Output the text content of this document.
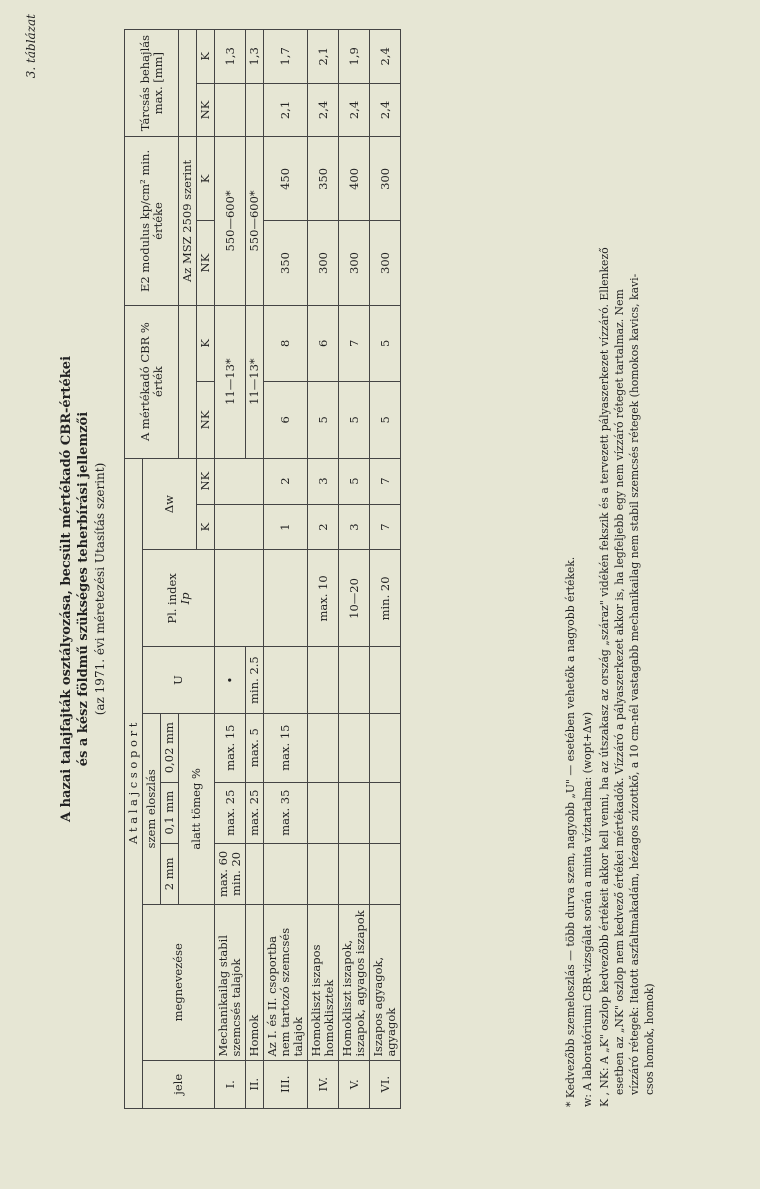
3. táblázat
A hazai talajfajták osztályozása, becsült mértékadó CBR-értékei és a kész földmű szükséges teherbírási jellemzői (az 1971. évi méretezési Utasítás szerint)
A t a l a j c s o p o r t									A mértékadó CBR % érték		E2 modulus kp/cm² min. értéke		Tárcsás behajlás max. [mm]	
jele	megnevezése	szem eloszlás			U	Pl. index
Ip	Δw							
		2 mm	0,1 mm	0,02 mm										
		alatt tömeg %									Az MSZ 2509 szerint			
							K	NK	NK	K	NK	K	NK	K
I.	Mechanikailag stabil szemcsés talajok	max. 60 min. 20	max. 25	max. 15	•				11—13*		550—600*			1,3
II.	Homok		max. 25	max. 5	min. 2.5				11—13*		550—600*			1,3
III.	Az I. és II. csoportba nem tartozó szemcsés talajok		max. 35	max. 15			1	2	6	8	350	450	2,1	1,7
IV.	Homokliszt iszapos homoklisztek					max. 10	2	3	5	6	300	350	2,4	2,1
V.	Homokliszt iszapok, iszapok, agyagos iszapok					10—20	3	5	5	7	300	400	2,4	1,9
VI.	Iszapos agyagok, agyagok					min. 20	7	7	5	5	300	300	2,4	2,4

* Kedvezőbb szemeloszlás — több durva szem, nagyobb „U" — esetében vehetők a nagyobb értékek. w: A laboratóriumi CBR-vizsgálat során a minta víztartalma: (wopt+Δw) K , NK: A „K" oszlop kedvezőbb értékeit akkor kell venni, ha az útszakasz az ország „száraz" vidékén fekszik és a tervezett pályaszerkezet vízzáró. Ellenkező esetben az „NK" oszlop nem kedvező értékei mértékadók. Vízzáró a pályaszerkezet akkor is, ha legfeljebb egy nem vízzáró réteget tartalmaz. Nem vízzáró rétegek: Itatott aszfaltmakadám, hézagos zúzottkő, a 10 cm-nél vastagabb mechanikailag nem stabil szemcsés rétegek (homokos kavics, kavi- csos homok, homok)
